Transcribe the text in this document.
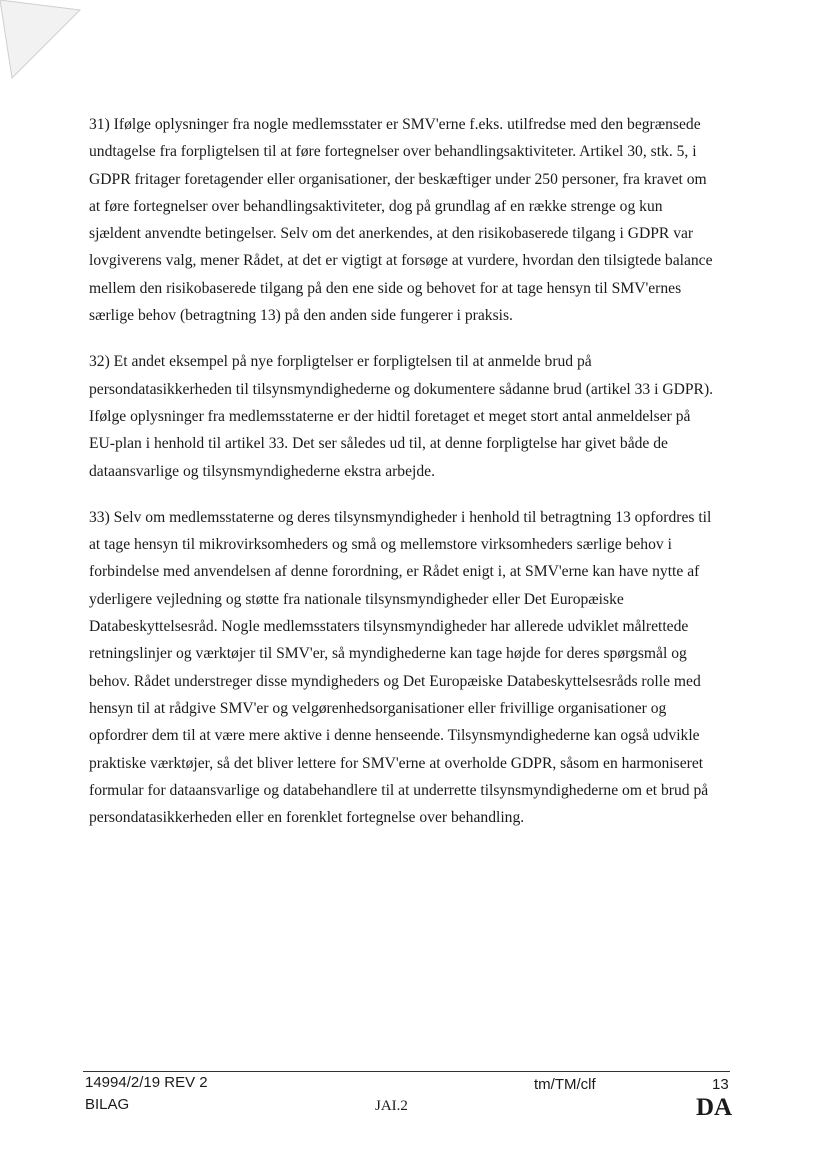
31) Ifølge oplysninger fra nogle medlemsstater er SMV'erne f.eks. utilfredse med den begrænsede
undtagelse fra forpligtelsen til at føre fortegnelser over behandlingsaktiviteter. Artikel 30, stk. 5, i
GDPR fritager foretagender eller organisationer, der beskæftiger under 250 personer, fra kravet om
at føre fortegnelser over behandlingsaktiviteter, dog på grundlag af en række strenge og kun
sjældent anvendte betingelser. Selv om det anerkendes, at den risikobaserede tilgang i GDPR var
lovgiverens valg, mener Rådet, at det er vigtigt at forsøge at vurdere, hvordan den tilsigtede balance
mellem den risikobaserede tilgang på den ene side og behovet for at tage hensyn til SMV'ernes
særlige behov (betragtning 13) på den anden side fungerer i praksis.
32) Et andet eksempel på nye forpligtelser er forpligtelsen til at anmelde brud på
persondatasikkerheden til tilsynsmyndighederne og dokumentere sådanne brud (artikel 33 i GDPR).
Ifølge oplysninger fra medlemsstaterne er der hidtil foretaget et meget stort antal anmeldelser på
EU-plan i henhold til artikel 33. Det ser således ud til, at denne forpligtelse har givet både de
dataansvarlige og tilsynsmyndighederne ekstra arbejde.
33) Selv om medlemsstaterne og deres tilsynsmyndigheder i henhold til betragtning 13 opfordres til
at tage hensyn til mikrovirksomheders og små og mellemstore virksomheders særlige behov i
forbindelse med anvendelsen af denne forordning, er Rådet enigt i, at SMV'erne kan have nytte af
yderligere vejledning og støtte fra nationale tilsynsmyndigheder eller Det Europæiske
Databeskyttelsesråd. Nogle medlemsstaters tilsynsmyndigheder har allerede udviklet målrettede
retningslinjer og værktøjer til SMV'er, så myndighederne kan tage højde for deres spørgsmål og
behov. Rådet understreger disse myndigheders og Det Europæiske Databeskyttelsesråds rolle med
hensyn til at rådgive SMV'er og velgørenhedsorganisationer eller frivillige organisationer og
opfordrer dem til at være mere aktive i denne henseende. Tilsynsmyndighederne kan også udvikle
praktiske værktøjer, så det bliver lettere for SMV'erne at overholde GDPR, såsom en harmoniseret
formular for dataansvarlige og databehandlere til at underrette tilsynsmyndighederne om et brud på
persondatasikkerheden eller en forenklet fortegnelse over behandling.
14994/2/19 REV 2
BILAG	JAI.2
tm/TM/clf	13
DA
